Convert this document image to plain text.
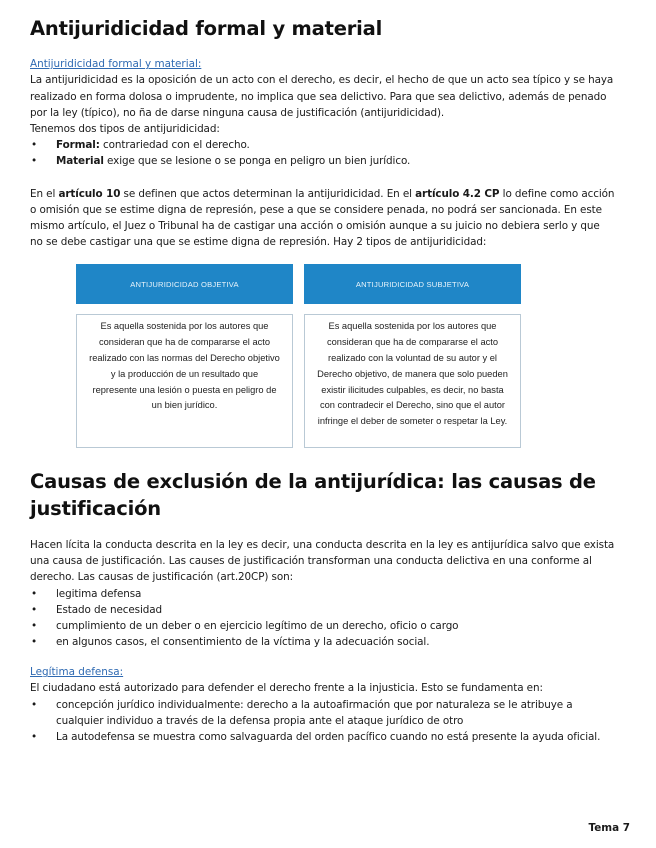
Antijuridicidad formal y material
Antijuridicidad formal y material:

La antijuridicidad es la oposición de un acto con el derecho, es decir, el hecho de que un acto sea típico y se haya realizado en forma dolosa o imprudente, no implica que sea delictivo. Para que sea delictivo, además de penado por la ley (típico), no ña de darse ninguna causa de justificación (antijuridicidad).

Tenemos dos tipos de antijuridicidad:

• Formal: contrariedad con el derecho.
• Material exige que se lesione o se ponga en peligro un bien jurídico.

En el artículo 10 se definen que actos determinan la antijuridicidad. En el artículo 4.2 CP lo define como acción o omisión que se estime digna de represión, pese a que se considere penada, no podrá ser sancionada. En este mismo artículo, el Juez o Tribunal ha de castigar una acción o omisión aunque a su juicio no debiera serlo y que no se debe castigar una que se estime digna de represión. Hay 2 tipos de antijuridicidad:

ANTIJURIDICIDAD OBJETIVA
Es aquella sostenida por los autores que consideran que ha de compararse el acto realizado con las normas del Derecho objetivo y la producción de un resultado que represente una lesión o puesta en peligro de un bien jurídico.
ANTIJURIDICIDAD SUBJETIVA
Es aquella sostenida por los autores que consideran que ha de compararse el acto realizado con la voluntad de su autor y el Derecho objetivo, de manera que solo pueden existir ilicitudes culpables, es decir, no basta con contradecir el Derecho, sino que el autor infringe el deber de someter o respetar la Ley.
Causas de exclusión de la antijurídica: las causas de justificación

Hacen lícita la conducta descrita en la ley es decir, una conducta descrita en la ley es antijurídica salvo que exista una causa de justificación. Las causes de justificación transforman una conducta delictiva en una conforme al derecho. Las causas de justificación (art.20CP) son:

• legitima defensa
• Estado de necesidad
• cumplimiento de un deber o en ejercicio legítimo de un derecho, oficio o cargo
• en algunos casos, el consentimiento de la víctima y la adecuación social.
Legítima defensa:

El ciudadano está autorizado para defender el derecho frente a la injusticia. Esto se fundamenta en:

• concepción jurídico individualmente: derecho a la autoafirmación que por naturaleza se le atribuye a cualquier individuo a través de la defensa propia ante el ataque jurídico de otro
• La autodefensa se muestra como salvaguarda del orden pacífico cuando no está presente la ayuda oficial.
Tema 7
